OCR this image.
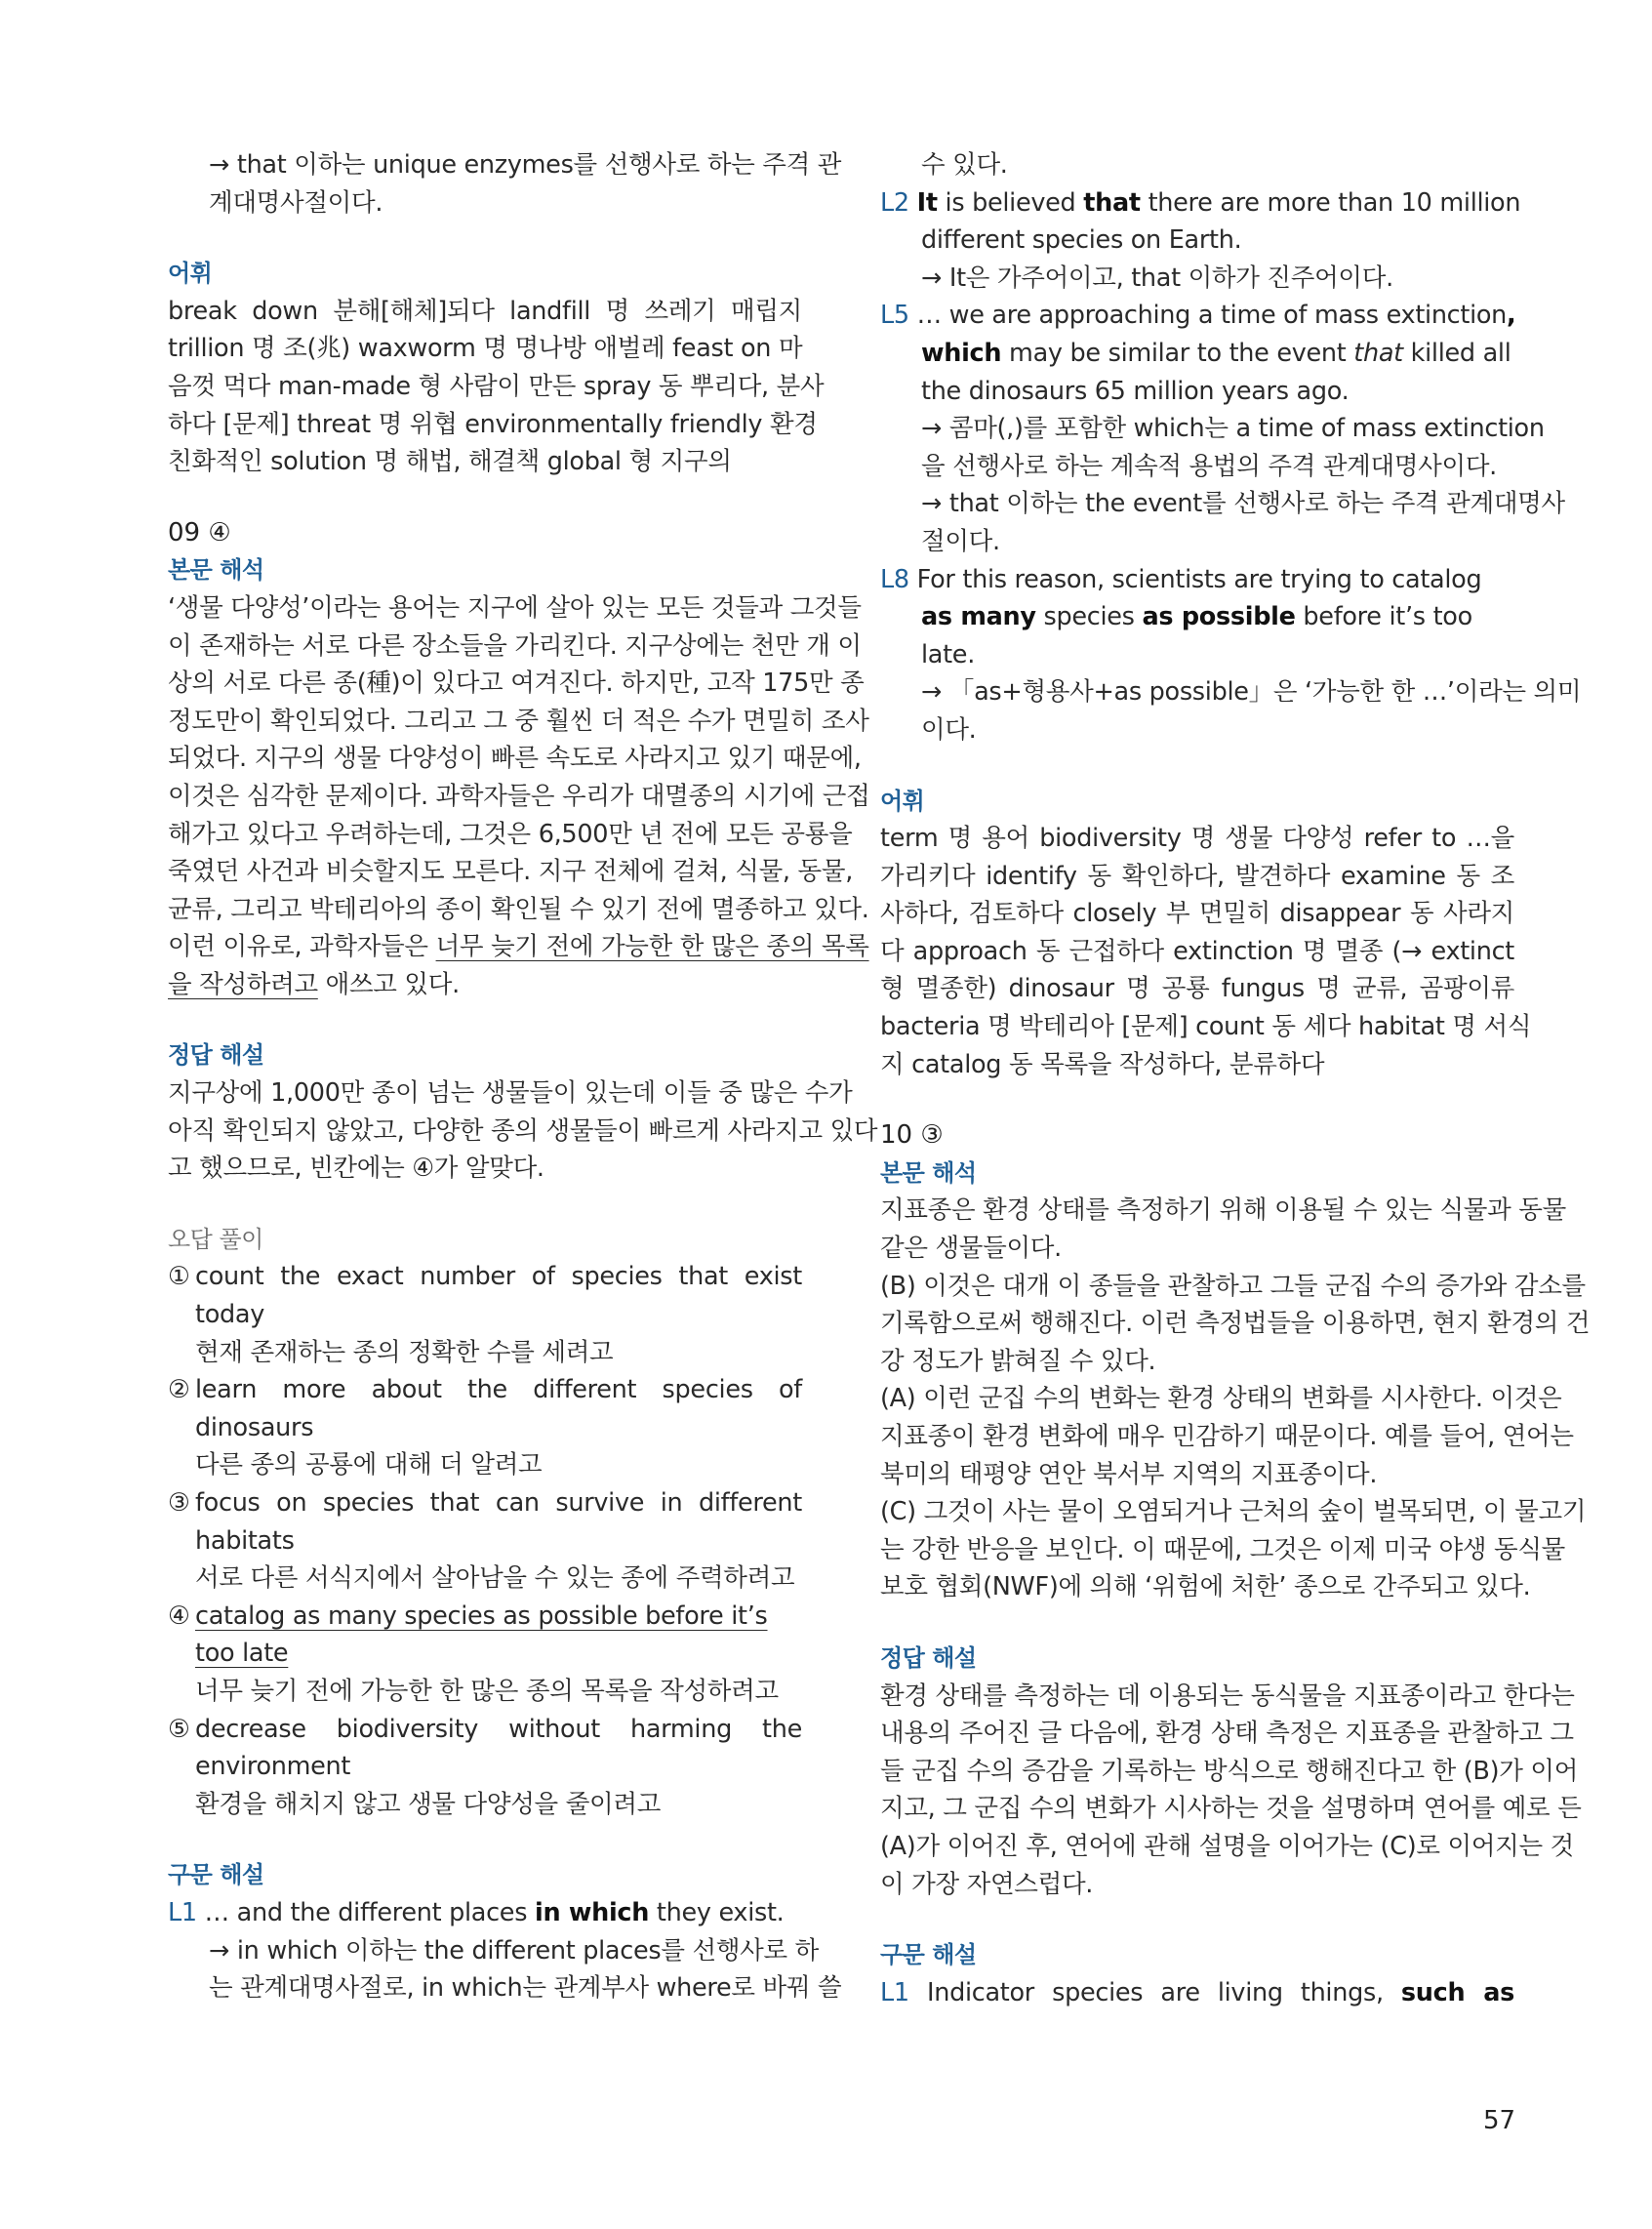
→ that 이하는 unique enzymes를 선행사로 하는 주격 관
계대명사절이다.
어휘
break down 분해[해체]되다 landfill 명 쓰레기 매립지
trillion 명 조(兆) waxworm 명 명나방 애벌레 feast on 마
음껏 먹다 man-made 형 사람이 만든 spray 동 뿌리다, 분사
하다 [문제] threat 명 위협 environmentally friendly 환경
친화적인 solution 명 해법, 해결책 global 형 지구의
09 ④
본문 해석
‘생물 다양성’이라는 용어는 지구에 살아 있는 모든 것들과 그것들
이 존재하는 서로 다른 장소들을 가리킨다. 지구상에는 천만 개 이
상의 서로 다른 종(種)이 있다고 여겨진다. 하지만, 고작 175만 종
정도만이 확인되었다. 그리고 그 중 훨씬 더 적은 수가 면밀히 조사
되었다. 지구의 생물 다양성이 빠른 속도로 사라지고 있기 때문에,
이것은 심각한 문제이다. 과학자들은 우리가 대멸종의 시기에 근접
해가고 있다고 우려하는데, 그것은 6,500만 년 전에 모든 공룡을
죽였던 사건과 비슷할지도 모른다. 지구 전체에 걸쳐, 식물, 동물,
균류, 그리고 박테리아의 종이 확인될 수 있기 전에 멸종하고 있다.
이런 이유로, 과학자들은 너무 늦기 전에 가능한 한 많은 종의 목록
을 작성하려고 애쓰고 있다.
정답 해설
지구상에 1,000만 종이 넘는 생물들이 있는데 이들 중 많은 수가
아직 확인되지 않았고, 다양한 종의 생물들이 빠르게 사라지고 있다
고 했으므로, 빈칸에는 ④가 알맞다.
오답 풀이
① count the exact number of species that exist
today
현재 존재하는 종의 정확한 수를 세려고
② learn more about the different species of
dinosaurs
다른 종의 공룡에 대해 더 알려고
③ focus on species that can survive in different
habitats
서로 다른 서식지에서 살아남을 수 있는 종에 주력하려고
④ catalog as many species as possible before it’s
too late
너무 늦기 전에 가능한 한 많은 종의 목록을 작성하려고
⑤ decrease biodiversity without harming the
environment
환경을 해치지 않고 생물 다양성을 줄이려고
구문 해설
L1 … and the different places in which they exist.
→ in which 이하는 the different places를 선행사로 하
는 관계대명사절로, in which는 관계부사 where로 바꿔 쓸
수 있다.
L2 It is believed that there are more than 10 million
different species on Earth.
→ It은 가주어이고, that 이하가 진주어이다.
L5 … we are approaching a time of mass extinction,
which may be similar to the event that killed all
the dinosaurs 65 million years ago.
→ 콤마(,)를 포함한 which는 a time of mass extinction
을 선행사로 하는 계속적 용법의 주격 관계대명사이다.
→ that 이하는 the event를 선행사로 하는 주격 관계대명사
절이다.
L8 For this reason, scientists are trying to catalog
as many species as possible before it’s too
late.
→ 「as+형용사+as possible」은 ‘가능한 한 …’이라는 의미
이다.
어휘
term 명 용어 biodiversity 명 생물 다양성 refer to …을
가리키다 identify 동 확인하다, 발견하다 examine 동 조
사하다, 검토하다 closely 부 면밀히 disappear 동 사라지
다 approach 동 근접하다 extinction 명 멸종 (→ extinct
형 멸종한) dinosaur 명 공룡 fungus 명 균류, 곰팡이류
bacteria 명 박테리아 [문제] count 동 세다 habitat 명 서식
지 catalog 동 목록을 작성하다, 분류하다
10 ③
본문 해석
지표종은 환경 상태를 측정하기 위해 이용될 수 있는 식물과 동물
같은 생물들이다.
(B) 이것은 대개 이 종들을 관찰하고 그들 군집 수의 증가와 감소를
기록함으로써 행해진다. 이런 측정법들을 이용하면, 현지 환경의 건
강 정도가 밝혀질 수 있다.
(A) 이런 군집 수의 변화는 환경 상태의 변화를 시사한다. 이것은
지표종이 환경 변화에 매우 민감하기 때문이다. 예를 들어, 연어는
북미의 태평양 연안 북서부 지역의 지표종이다.
(C) 그것이 사는 물이 오염되거나 근처의 숲이 벌목되면, 이 물고기
는 강한 반응을 보인다. 이 때문에, 그것은 이제 미국 야생 동식물
보호 협회(NWF)에 의해 ‘위험에 처한’ 종으로 간주되고 있다.
정답 해설
환경 상태를 측정하는 데 이용되는 동식물을 지표종이라고 한다는
내용의 주어진 글 다음에, 환경 상태 측정은 지표종을 관찰하고 그
들 군집 수의 증감을 기록하는 방식으로 행해진다고 한 (B)가 이어
지고, 그 군집 수의 변화가 시사하는 것을 설명하며 연어를 예로 든
(A)가 이어진 후, 연어에 관해 설명을 이어가는 (C)로 이어지는 것
이 가장 자연스럽다.
구문 해설
L1 Indicator species are living things, such as
57
